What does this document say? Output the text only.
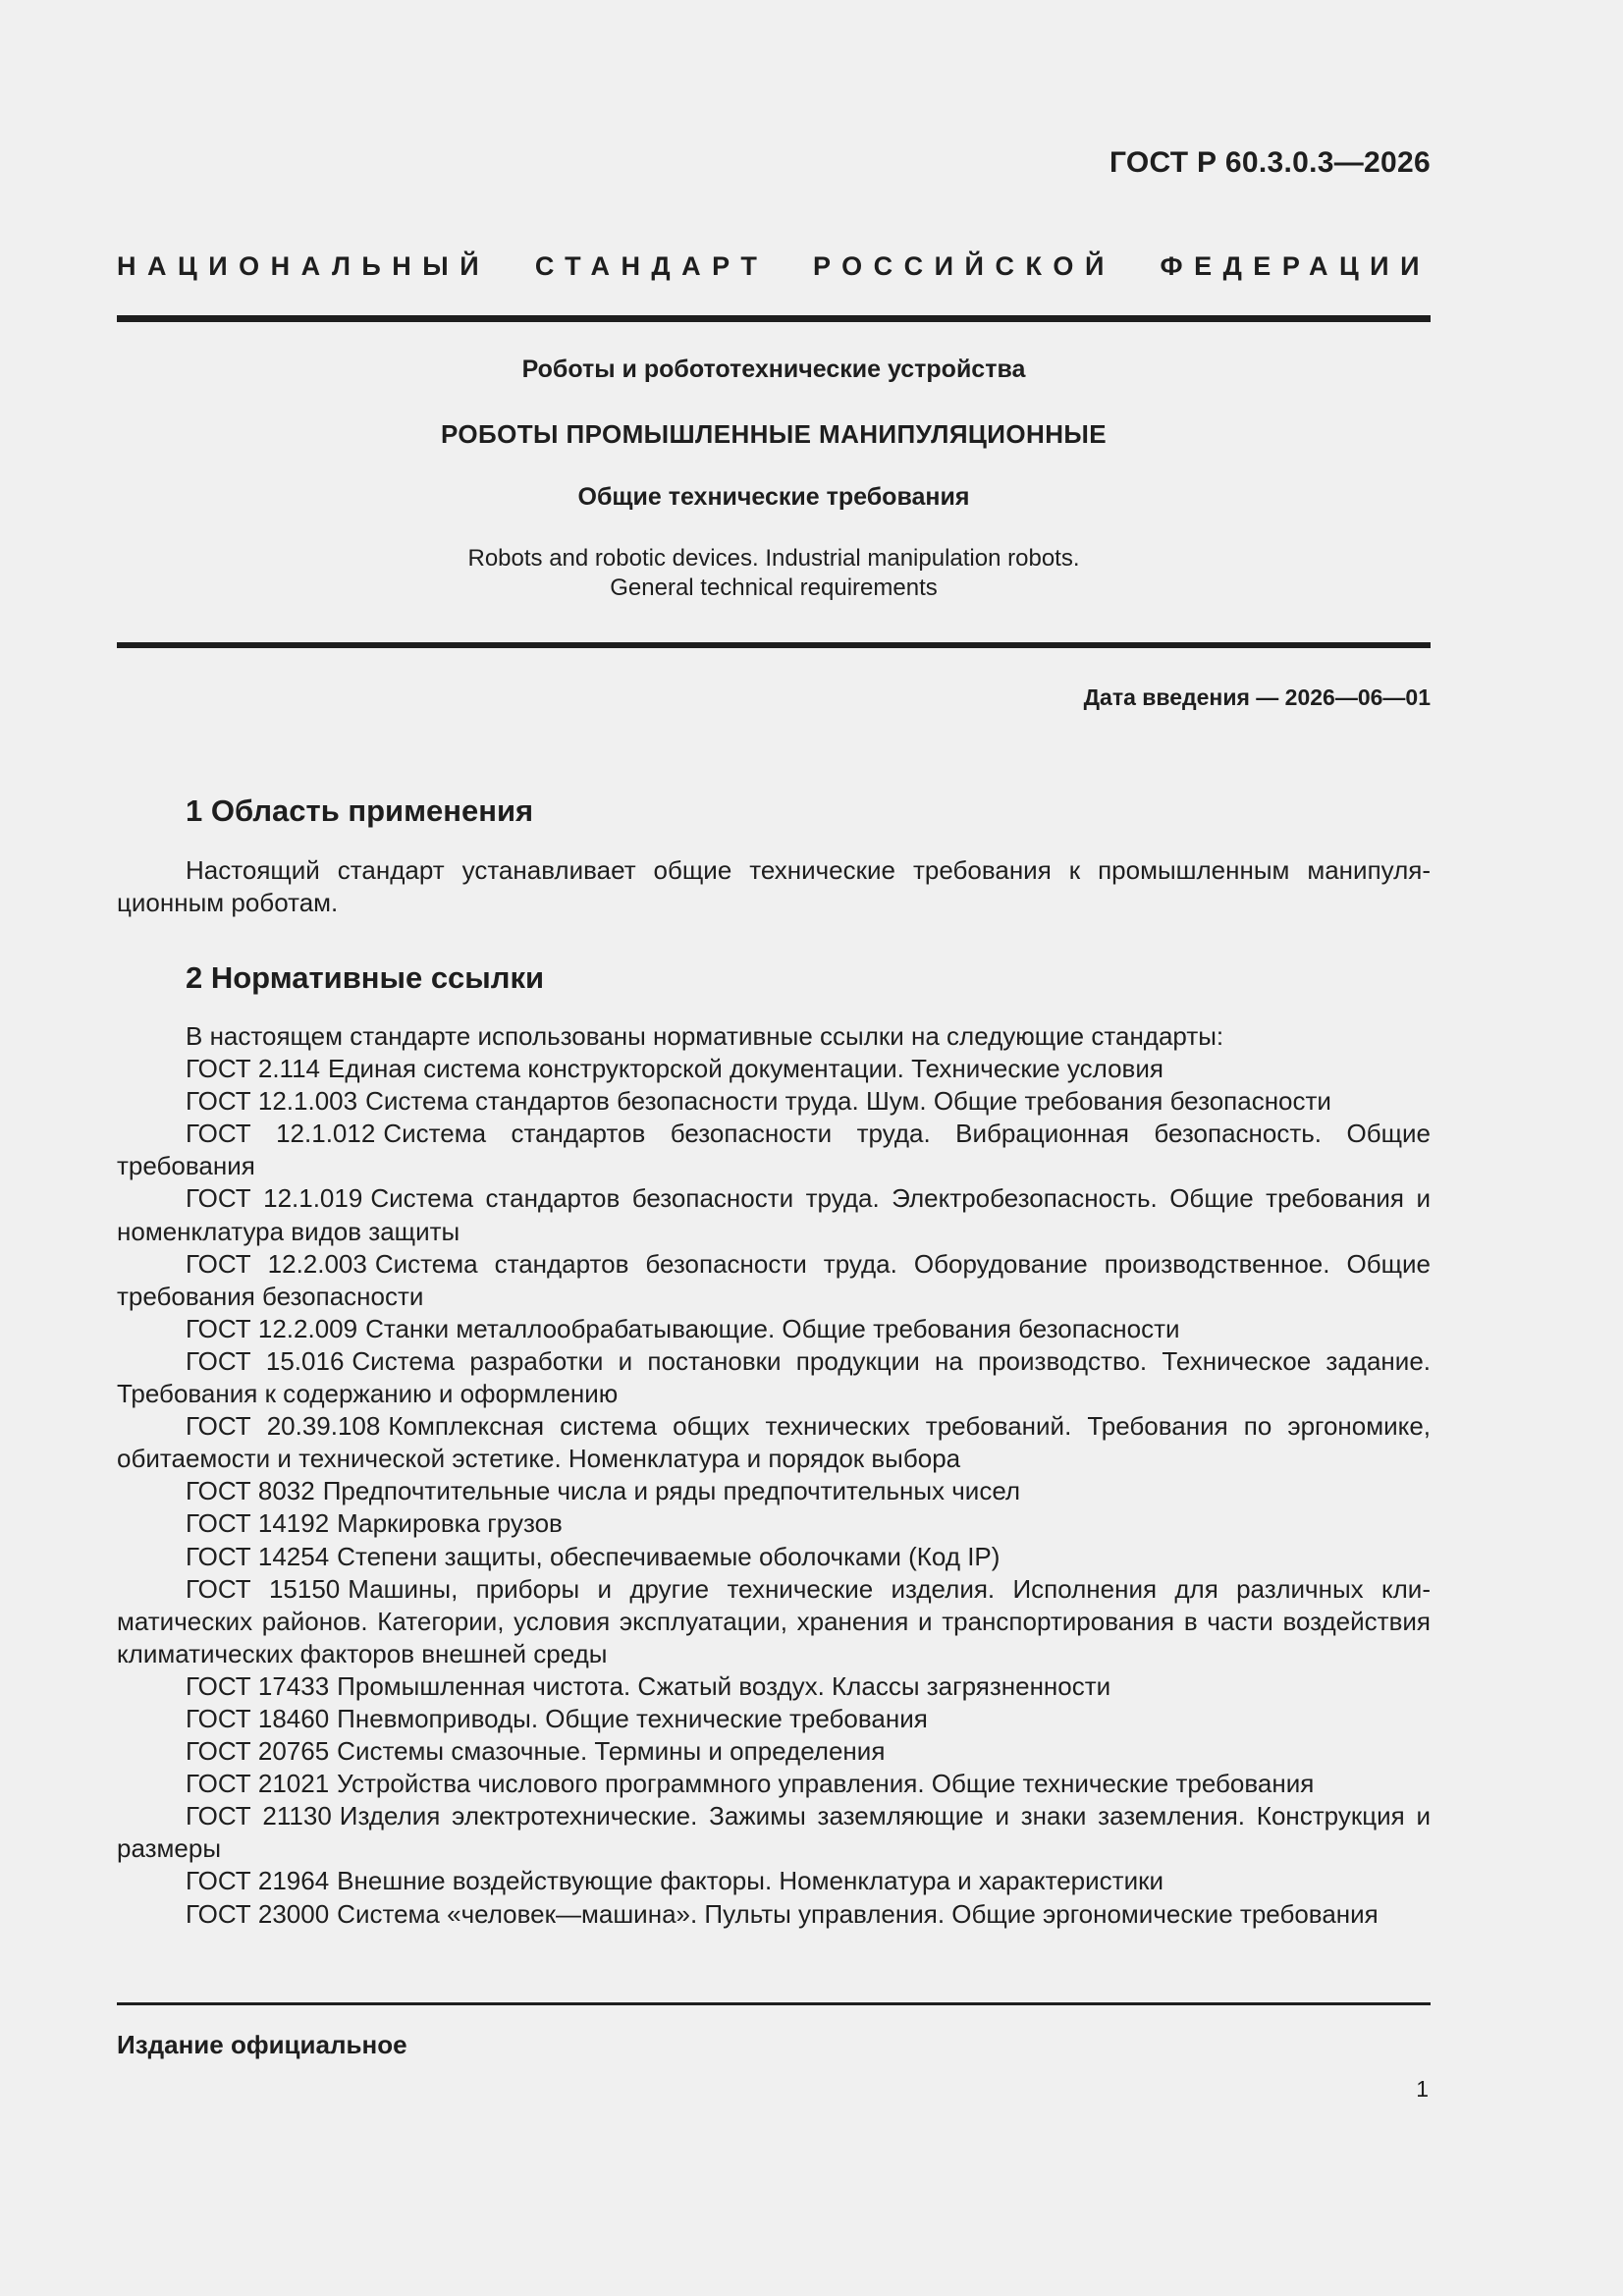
ГОСТ Р 60.3.0.3—2026
НАЦИОНАЛЬНЫЙ СТАНДАРТ РОССИЙСКОЙ ФЕДЕРАЦИИ
Роботы и робототехнические устройства
РОБОТЫ ПРОМЫШЛЕННЫЕ МАНИПУЛЯЦИОННЫЕ
Общие технические требования
Robots and robotic devices. Industrial manipulation robots.
General technical requirements
Дата введения — 2026—06—01
1 Область применения

Настоящий стандарт устанавливает общие технические требования к промышленным манипуляционным роботам.

2 Нормативные ссылки

В настоящем стандарте использованы нормативные ссылки на следующие стандарты:

ГОСТ 2.114 Единая система конструкторской документации. Технические условия

ГОСТ 12.1.003 Система стандартов безопасности труда. Шум. Общие требования безопасности

ГОСТ 12.1.012 Система стандартов безопасности труда. Вибрационная безопасность. Общие требования

ГОСТ 12.1.019 Система стандартов безопасности труда. Электробезопасность. Общие требования и номенклатура видов защиты

ГОСТ 12.2.003 Система стандартов безопасности труда. Оборудование производственное. Общие требования безопасности

ГОСТ 12.2.009 Станки металлообрабатывающие. Общие требования безопасности

ГОСТ 15.016 Система разработки и постановки продукции на производство. Техническое задание. Требования к содержанию и оформлению

ГОСТ 20.39.108 Комплексная система общих технических требований. Требования по эргономике, обитаемости и технической эстетике. Номенклатура и порядок выбора

ГОСТ 8032 Предпочтительные числа и ряды предпочтительных чисел

ГОСТ 14192 Маркировка грузов

ГОСТ 14254 Степени защиты, обеспечиваемые оболочками (Код IP)

ГОСТ 15150 Машины, приборы и другие технические изделия. Исполнения для различных климатических районов. Категории, условия эксплуатации, хранения и транспортирования в части воздействия климатических факторов внешней среды

ГОСТ 17433 Промышленная чистота. Сжатый воздух. Классы загрязненности

ГОСТ 18460 Пневмоприводы. Общие технические требования

ГОСТ 20765 Системы смазочные. Термины и определения

ГОСТ 21021 Устройства числового программного управления. Общие технические требования

ГОСТ 21130 Изделия электротехнические. Зажимы заземляющие и знаки заземления. Конструкция и размеры

ГОСТ 21964 Внешние воздействующие факторы. Номенклатура и характеристики

ГОСТ 23000 Система «человек—машина». Пульты управления. Общие эргономические требования

Издание официальное
1
